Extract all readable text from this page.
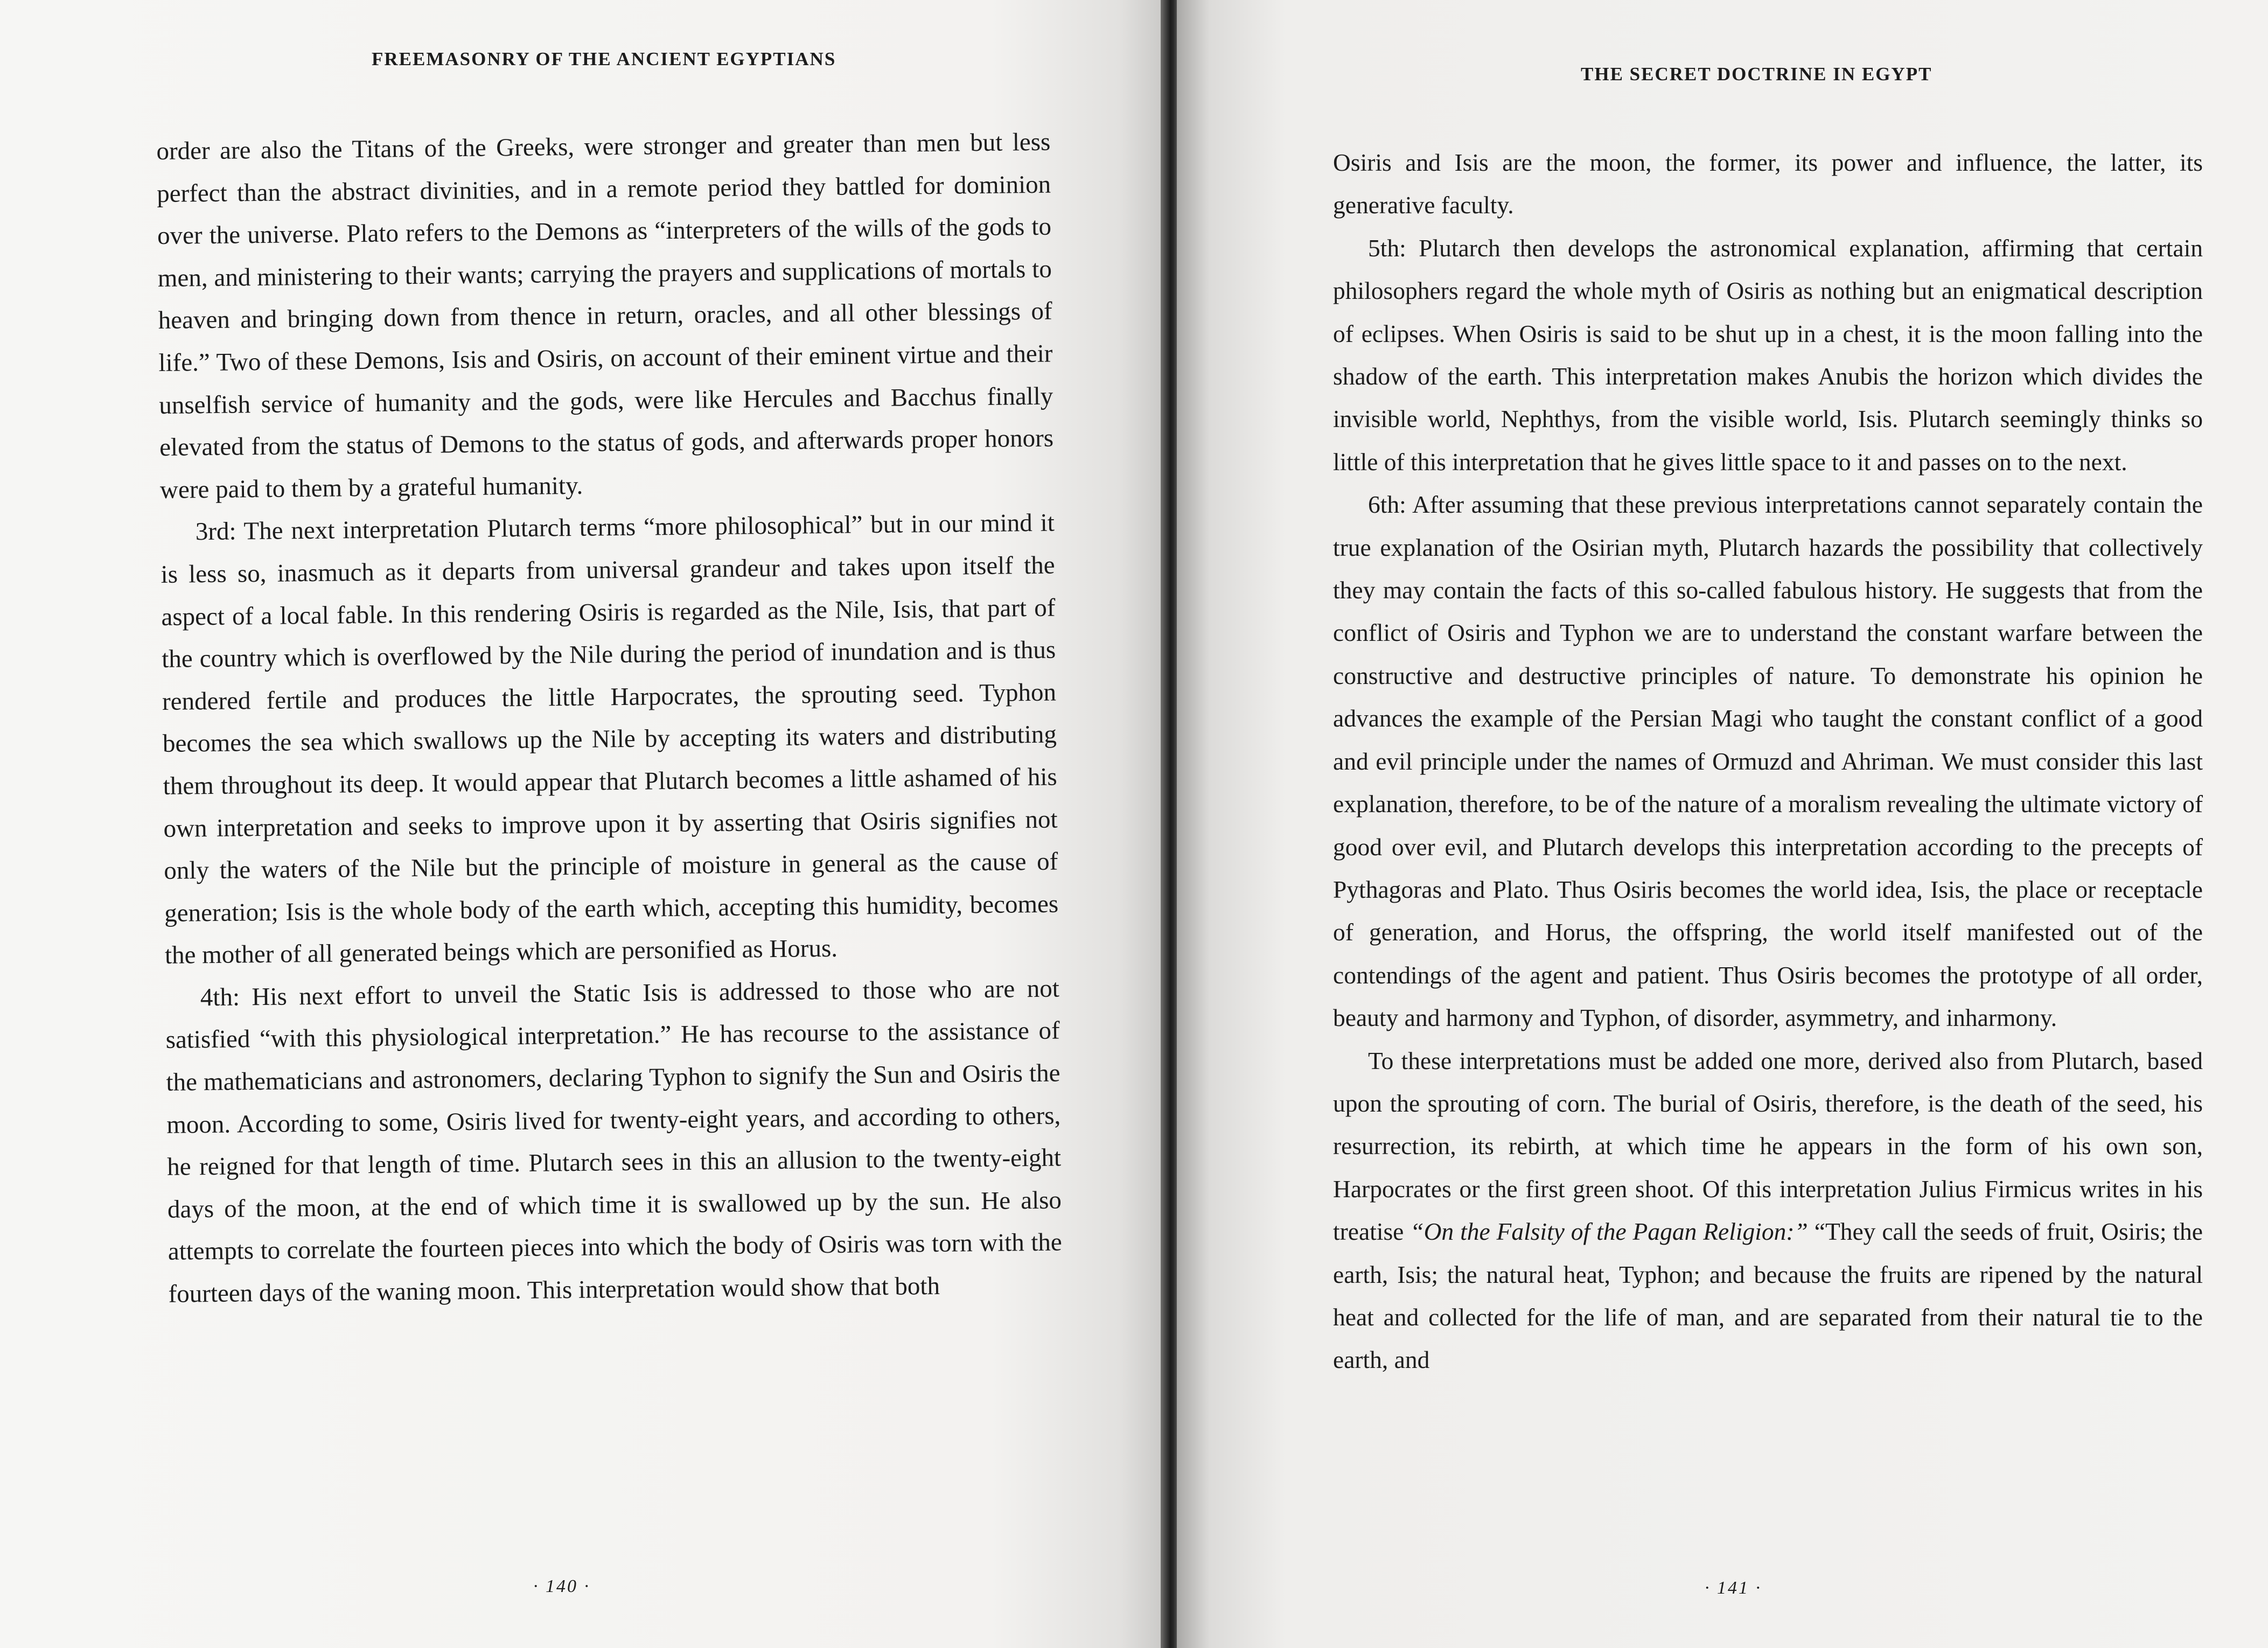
FREEMASONRY OF THE ANCIENT EGYPTIANS

order are also the Titans of the Greeks, were stronger and greater than men but less perfect than the abstract divinities, and in a remote period they battled for dominion over the universe. Plato refers to the Demons as “interpreters of the wills of the gods to men, and ministering to their wants; carrying the prayers and supplications of mortals to heaven and bringing down from thence in return, oracles, and all other blessings of life.” Two of these Demons, Isis and Osiris, on account of their eminent virtue and their unselfish service of humanity and the gods, were like Hercules and Bacchus finally elevated from the status of Demons to the status of gods, and afterwards proper honors were paid to them by a grateful humanity.

3rd: The next interpretation Plutarch terms “more philosophical” but in our mind it is less so, inasmuch as it departs from universal grandeur and takes upon itself the aspect of a local fable. In this rendering Osiris is regarded as the Nile, Isis, that part of the country which is overflowed by the Nile during the period of inundation and is thus rendered fertile and produces the little Harpocrates, the sprouting seed. Typhon becomes the sea which swallows up the Nile by accepting its waters and distributing them throughout its deep. It would appear that Plutarch becomes a little ashamed of his own interpretation and seeks to improve upon it by asserting that Osiris signifies not only the waters of the Nile but the principle of moisture in general as the cause of generation; Isis is the whole body of the earth which, accepting this humidity, becomes the mother of all generated beings which are personified as Horus.

4th: His next effort to unveil the Static Isis is addressed to those who are not satisfied “with this physiological interpretation.” He has recourse to the assistance of the mathematicians and astronomers, declaring Typhon to signify the Sun and Osiris the moon. According to some, Osiris lived for twenty-eight years, and according to others, he reigned for that length of time. Plutarch sees in this an allusion to the twenty-eight days of the moon, at the end of which time it is swallowed up by the sun. He also attempts to correlate the fourteen pieces into which the body of Osiris was torn with the fourteen days of the waning moon. This interpretation would show that both

· 140 ·
THE SECRET DOCTRINE IN EGYPT

Osiris and Isis are the moon, the former, its power and influence, the latter, its generative faculty.

5th: Plutarch then develops the astronomical explanation, affirming that certain philosophers regard the whole myth of Osiris as nothing but an enigmatical description of eclipses. When Osiris is said to be shut up in a chest, it is the moon falling into the shadow of the earth. This interpretation makes Anubis the horizon which divides the invisible world, Nephthys, from the visible world, Isis. Plutarch seemingly thinks so little of this interpretation that he gives little space to it and passes on to the next.

6th: After assuming that these previous interpretations cannot separately contain the true explanation of the Osirian myth, Plutarch hazards the possibility that collectively they may contain the facts of this so-called fabulous history. He suggests that from the conflict of Osiris and Typhon we are to understand the constant warfare between the constructive and destructive principles of nature. To demonstrate his opinion he advances the example of the Persian Magi who taught the constant conflict of a good and evil principle under the names of Ormuzd and Ahriman. We must consider this last explanation, therefore, to be of the nature of a moralism revealing the ultimate victory of good over evil, and Plutarch develops this interpretation according to the precepts of Pythagoras and Plato. Thus Osiris becomes the world idea, Isis, the place or receptacle of generation, and Horus, the offspring, the world itself manifested out of the contendings of the agent and patient. Thus Osiris becomes the prototype of all order, beauty and harmony and Typhon, of disorder, asymmetry, and inharmony.

To these interpretations must be added one more, derived also from Plutarch, based upon the sprouting of corn. The burial of Osiris, therefore, is the death of the seed, his resurrection, its rebirth, at which time he appears in the form of his own son, Harpocrates or the first green shoot. Of this interpretation Julius Firmicus writes in his treatise “On the Falsity of the Pagan Religion:” “They call the seeds of fruit, Osiris; the earth, Isis; the natural heat, Typhon; and because the fruits are ripened by the natural heat and collected for the life of man, and are separated from their natural tie to the earth, and

· 141 ·
